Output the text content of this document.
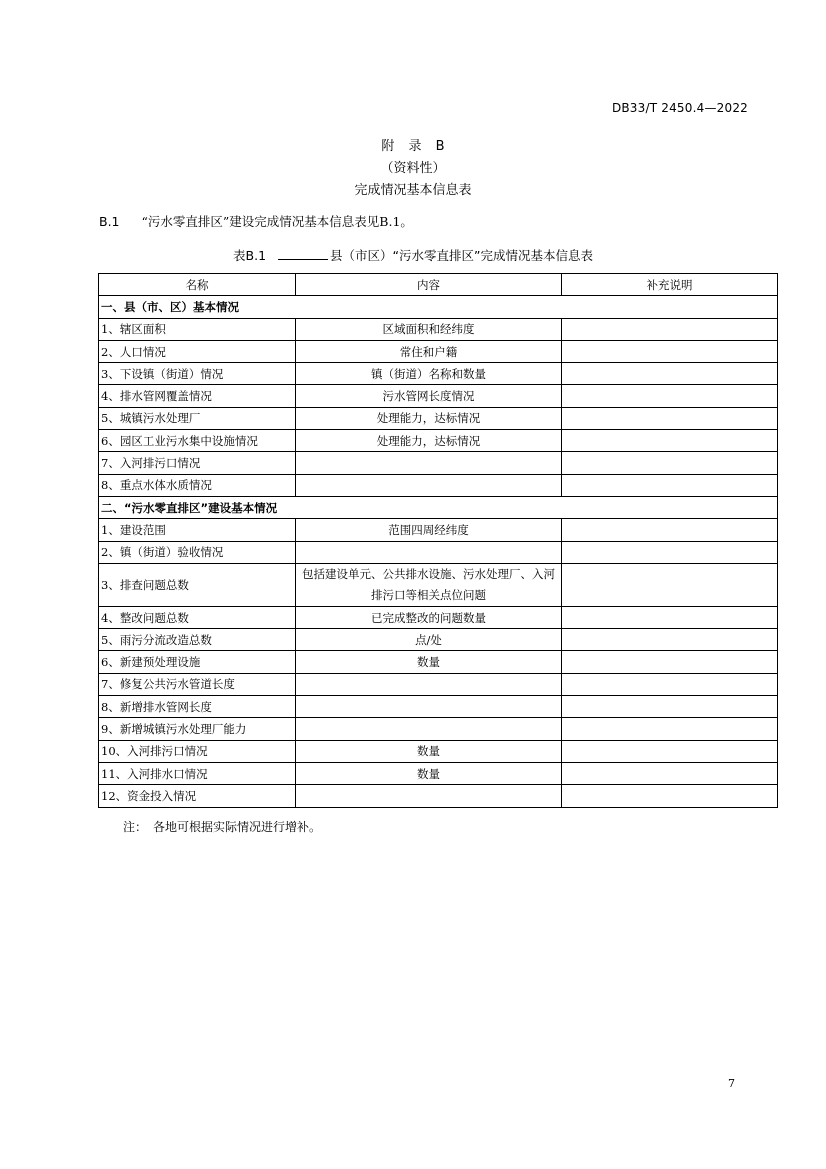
DB33/T 2450.4—2022
附 录 B
（资料性）
完成情况基本信息表
B.1 “污水零直排区”建设完成情况基本信息表见B.1。
表B.1	县（市区）“污水零直排区”完成情况基本信息表
名称	内容	补充说明
一、县（市、区）基本情况		
1、辖区面积	区域面积和经纬度	
2、人口情况	常住和户籍	
3、下设镇（街道）情况	镇（街道）名称和数量	
4、排水管网覆盖情况	污水管网长度情况	
5、城镇污水处理厂	处理能力，达标情况	
6、园区工业污水集中设施情况	处理能力，达标情况	
7、入河排污口情况		
8、重点水体水质情况		
二、“污水零直排区”建设基本情况		
1、建设范围	范围四周经纬度	
2、镇（街道）验收情况		
3、排查问题总数	包括建设单元、公共排水设施、污水处理厂、入河排污口等相关点位问题	
4、整改问题总数	已完成整改的问题数量	
5、雨污分流改造总数	点/处	
6、新建预处理设施	数量	
7、修复公共污水管道长度		
8、新增排水管网长度		
9、新增城镇污水处理厂能力		
10、入河排污口情况	数量	
11、入河排水口情况	数量	
12、资金投入情况		
注： 各地可根据实际情况进行增补。
7
